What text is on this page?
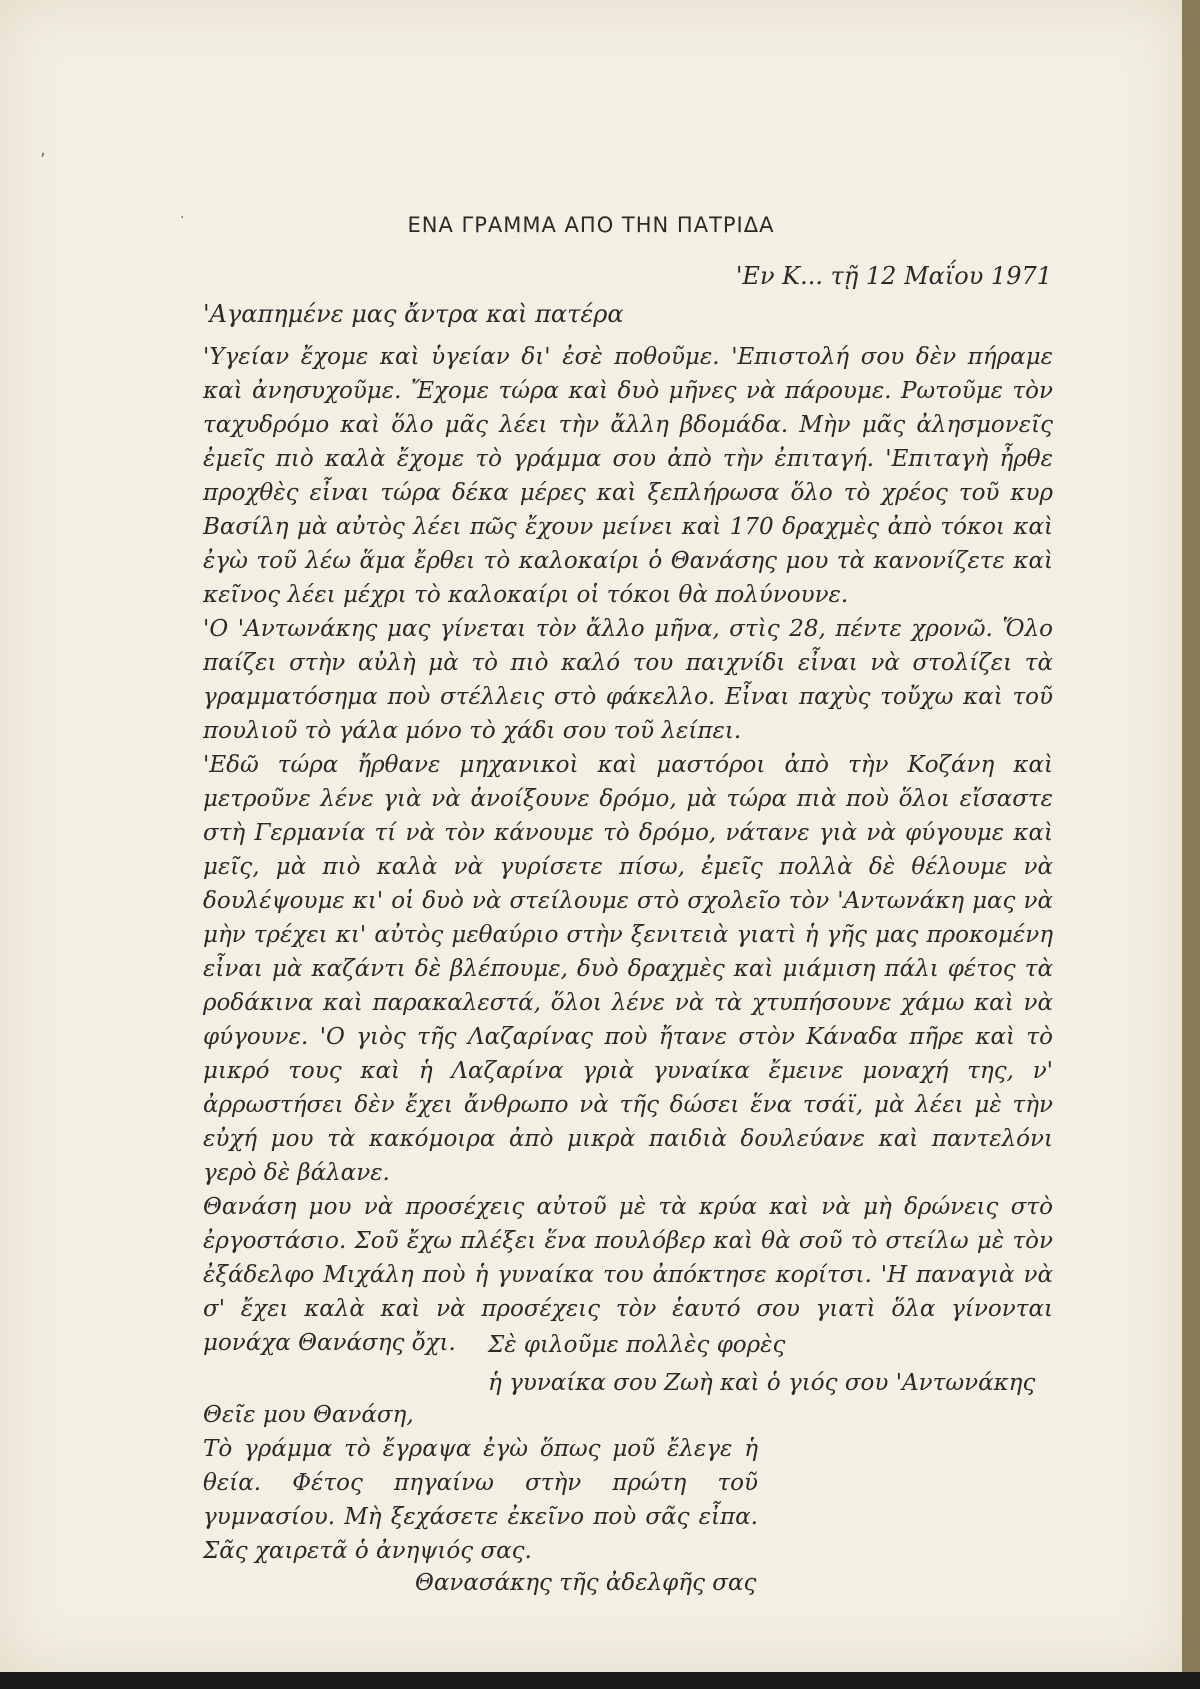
ʼ
·	ΕΝΑ ΓΡΑΜΜΑ ΑΠΟ ΤΗΝ ΠΑΤΡΙΔΑ
'Εν Κ... τῇ 12 Μαΐου 1971
'Αγαπημένε μας ἄντρα καὶ πατέρα

'Υγείαν ἔχομε καὶ ὑγείαν δι' ἐσὲ ποθοῦμε. 'Επιστολή σου δὲν πήραμε καὶ ἀνησυχοῦμε. Ἔχομε τώρα καὶ δυὸ μῆνες νὰ πάρουμε. Ρωτοῦμε τὸν ταχυδρόμο καὶ ὅλο μᾶς λέει τὴν ἄλλη βδομάδα. Μὴν μᾶς ἀλησμονεῖς ἐμεῖς πιὸ καλὰ ἔχομε τὸ γράμμα σου ἀπὸ τὴν ἐπιταγή. 'Επιταγὴ ἦρθε προχθὲς εἶναι τώρα δέκα μέρες καὶ ξεπλήρωσα ὅλο τὸ χρέος τοῦ κυρ Βασίλη μὰ αὐτὸς λέει πῶς ἔχουν μείνει καὶ 170 δραχμὲς ἀπὸ τόκοι καὶ ἐγὼ τοῦ λέω ἅμα ἔρθει τὸ καλοκαίρι ὁ Θανάσης μου τὰ κανονίζετε καὶ κεῖνος λέει μέχρι τὸ καλοκαίρι οἱ τόκοι θὰ πολύνουνε.

'Ο 'Αντωνάκης μας γίνεται τὸν ἄλλο μῆνα, στὶς 28, πέντε χρονῶ. Ὅλο παίζει στὴν αὐλὴ μὰ τὸ πιὸ καλό του παιχνίδι εἶναι νὰ στολίζει τὰ γραμματόσημα ποὺ στέλλεις στὸ φάκελλο. Εἶναι παχὺς τοὔχω καὶ τοῦ πουλιοῦ τὸ γάλα μόνο τὸ χάδι σου τοῦ λείπει.

'Εδῶ τώρα ἤρθανε μηχανικοὶ καὶ μαστόροι ἀπὸ τὴν Κοζάνη καὶ μετροῦνε λένε γιὰ νὰ ἀνοίξουνε δρόμο, μὰ τώρα πιὰ ποὺ ὅλοι εἴσαστε στὴ Γερμανία τί νὰ τὸν κάνουμε τὸ δρόμο, νάτανε γιὰ νὰ φύγουμε καὶ μεῖς, μὰ πιὸ καλὰ νὰ γυρίσετε πίσω, ἐμεῖς πολλὰ δὲ θέλουμε νὰ δουλέψουμε κι' οἱ δυὸ νὰ στείλουμε στὸ σχολεῖο τὸν 'Αντωνάκη μας νὰ μὴν τρέχει κι' αὐτὸς μεθαύριο στὴν ξενιτειὰ γιατὶ ἡ γῆς μας προκομένη εἶναι μὰ καζάντι δὲ βλέπουμε, δυὸ δραχμὲς καὶ μιάμιση πάλι φέτος τὰ ροδάκινα καὶ παρακαλεστά, ὅλοι λένε νὰ τὰ χτυπήσουνε χάμω καὶ νὰ φύγουνε. 'Ο γιὸς τῆς Λαζαρίνας ποὺ ἤτανε στὸν Κάναδα πῆρε καὶ τὸ μικρό τους καὶ ἡ Λαζαρίνα γριὰ γυναίκα ἔμεινε μοναχή της, ν' ἀρρωστήσει δὲν ἔχει ἄνθρωπο νὰ τῆς δώσει ἕνα τσάϊ, μὰ λέει μὲ τὴν εὐχή μου τὰ κακόμοιρα ἀπὸ μικρὰ παιδιὰ δουλεύανε καὶ παντελόνι γερὸ δὲ βάλανε.

Θανάση μου νὰ προσέχεις αὐτοῦ μὲ τὰ κρύα καὶ νὰ μὴ δρώνεις στὸ ἐργοστάσιο. Σοῦ ἔχω πλέξει ἕνα πουλόβερ καὶ θὰ σοῦ τὸ στείλω μὲ τὸν ἐξάδελφο Μιχάλη ποὺ ἡ γυναίκα του ἀπόκτησε κορίτσι. 'Η παναγιὰ νὰ σ' ἔχει καλὰ καὶ νὰ προσέχεις τὸν ἑαυτό σου γιατὶ ὅλα γίνονται μονάχα Θανάσης ὄχι.	Σὲ φιλοῦμε πολλὲς φορὲς
ἡ γυναίκα σου Ζωὴ καὶ ὁ γιός σου 'Αντωνάκης
Θεῖε μου Θανάση,
Τὸ γράμμα τὸ ἔγραψα ἐγὼ ὅπως μοῦ ἔλεγε ἡ θεία. Φέτος πηγαίνω στὴν πρώτη τοῦ γυμνασίου. Μὴ ξεχάσετε ἐκεῖνο ποὺ σᾶς εἶπα. Σᾶς χαιρετᾶ ὁ ἀνηψιός σας.
Θανασάκης τῆς ἀδελφῆς σας
